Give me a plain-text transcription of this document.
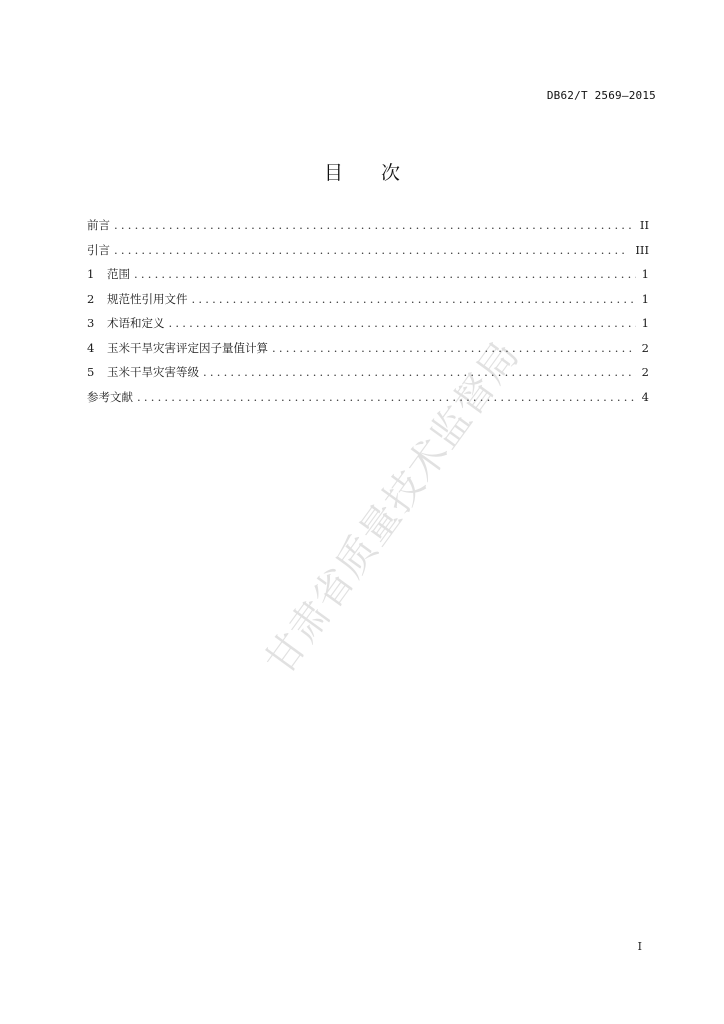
DB62/T 2569—2015
目　　次
前言 .....	II
引言 .....	III
1	范围 .....	1
2	规范性引用文件 .....	1
3	术语和定义 .....	1
4	玉米干旱灾害评定因子量值计算 .....	2
5	玉米干旱灾害等级 .....	2
参考文献 .....	4
甘肃省质量技术监督局
I
